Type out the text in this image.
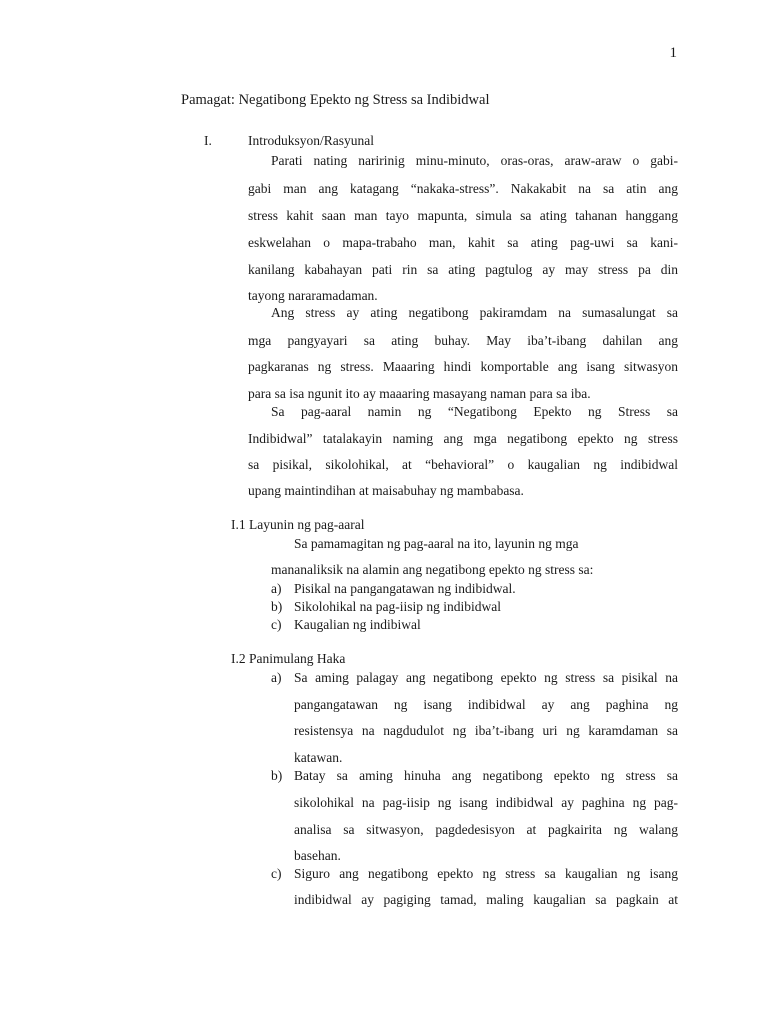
1
Pamagat: Negatibong Epekto ng Stress sa Indibidwal
I.	Introduksyon/Rasyunal
Parati nating naririnig minu-minuto, oras-oras, araw-araw o gabi-
gabi man ang katagang “nakaka-stress”. Nakakabit na sa atin ang
stress kahit saan man tayo mapunta, simula sa ating tahanan hanggang
eskwelahan o mapa-trabaho man, kahit sa ating pag-uwi sa kani-
kanilang kabahayan pati rin sa ating pagtulog ay may stress pa din
tayong nararamadaman.
Ang stress ay ating negatibong pakiramdam na sumasalungat sa
mga pangyayari sa ating buhay. May iba’t-ibang dahilan ang
pagkaranas ng stress. Maaaring hindi komportable ang isang sitwasyon
para sa isa ngunit ito ay maaaring masayang naman para sa iba.
Sa pag-aaral namin ng “Negatibong Epekto ng Stress sa
Indibidwal” tatalakayin naming ang mga negatibong epekto ng stress
sa pisikal, sikolohikal, at “behavioral” o kaugalian ng indibidwal
upang maintindihan at maisabuhay ng mambabasa.
I.1 Layunin ng pag-aaral
Sa pamamagitan ng pag-aaral na ito, layunin ng mga
mananaliksik na alamin ang negatibong epekto ng stress sa:
a) Pisikal na pangangatawan ng indibidwal.
b) Sikolohikal na pag-iisip ng indibidwal
c) Kaugalian ng indibiwal
I.2 Panimulang Haka
a) Sa aming palagay ang negatibong epekto ng stress sa pisikal na
pangangatawan ng isang indibidwal ay ang paghina ng
resistensya na nagdudulot ng iba’t-ibang uri ng karamdaman sa
katawan.
b) Batay sa aming hinuha ang negatibong epekto ng stress sa
sikolohikal na pag-iisip ng isang indibidwal ay paghina ng pag-
analisa sa sitwasyon, pagdedesisyon at pagkairita ng walang
basehan.
c) Siguro ang negatibong epekto ng stress sa kaugalian ng isang
indibidwal ay pagiging tamad, maling kaugalian sa pagkain at
